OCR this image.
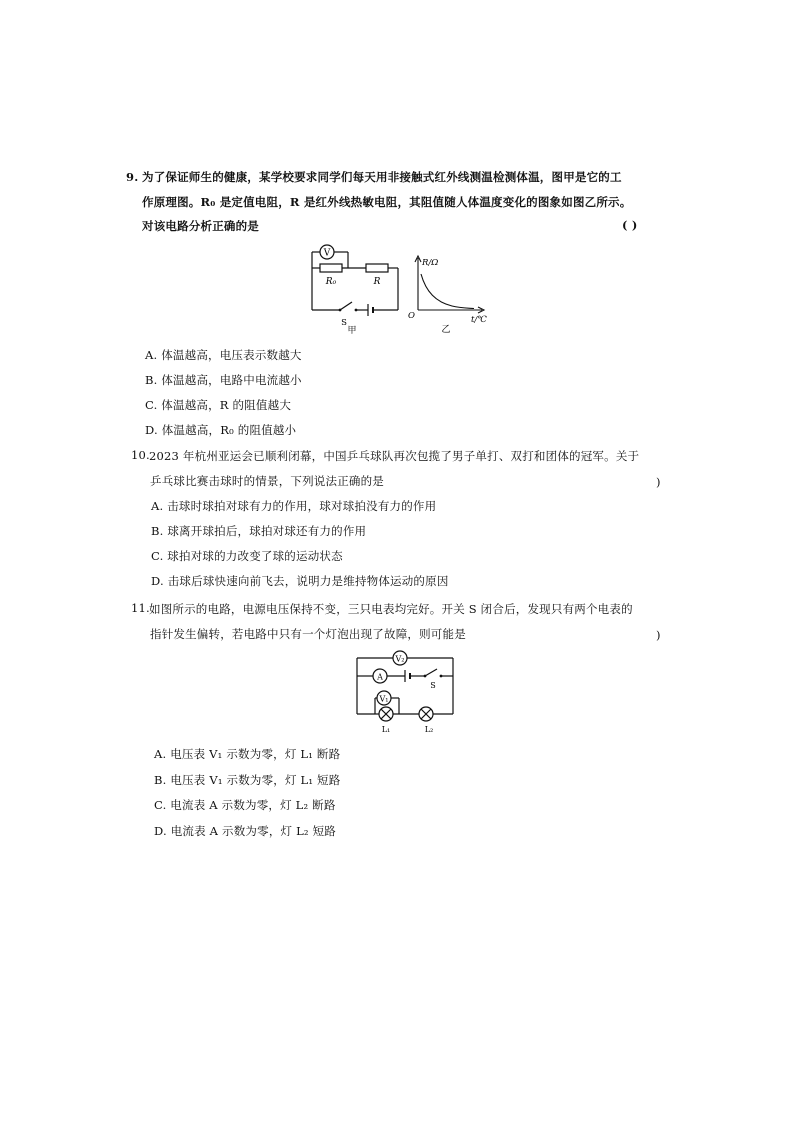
9. 为了保证师生的健康，某学校要求同学们每天用非接触式红外线测温检测体温，图甲是它的工
作原理图。R₀ 是定值电阻，R 是红外线热敏电阻，其阻值随人体温度变化的图象如图乙所示。
对该电路分析正确的是	( )
V
R₀	R
S
甲
R/Ω
O	t/℃
乙
A. 体温越高，电压表示数越大
B. 体温越高，电路中电流越小
C. 体温越高，R 的阻值越大
D. 体温越高，R₀ 的阻值越小
10. 2023 年杭州亚运会已顺利闭幕，中国乒乓球队再次包揽了男子单打、双打和团体的冠军。关于
乒乓球比赛击球时的情景，下列说法正确的是	)
A. 击球时球拍对球有力的作用，球对球拍没有力的作用
B. 球离开球拍后，球拍对球还有力的作用
C. 球拍对球的力改变了球的运动状态
D. 击球后球快速向前飞去，说明力是维持物体运动的原因
11. 如图所示的电路，电源电压保持不变，三只电表均完好。开关 S 闭合后，发现只有两个电表的
指针发生偏转，若电路中只有一个灯泡出现了故障，则可能是	)
V₂
A
S
V₁
L₁	L₂
A. 电压表 V₁ 示数为零，灯 L₁ 断路
B. 电压表 V₁ 示数为零，灯 L₁ 短路
C. 电流表 A 示数为零，灯 L₂ 断路
D. 电流表 A 示数为零，灯 L₂ 短路
